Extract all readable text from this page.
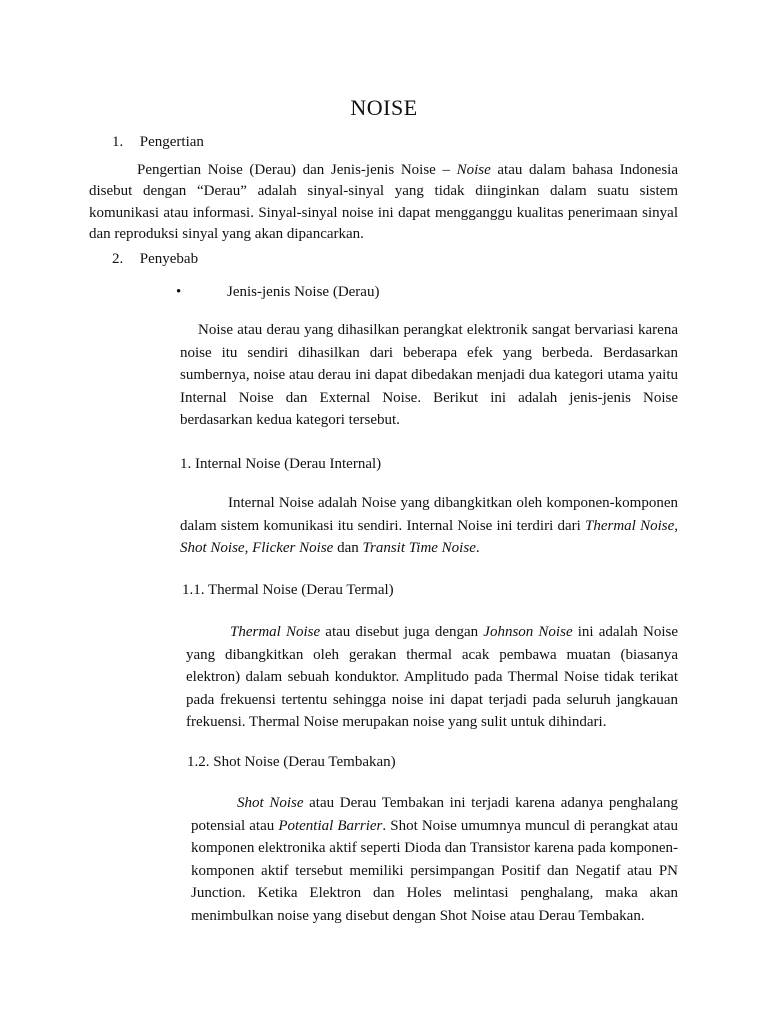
NOISE
1. Pengertian

Pengertian Noise (Derau) dan Jenis-jenis Noise – Noise atau dalam bahasa Indonesia disebut dengan “Derau” adalah sinyal-sinyal yang tidak diinginkan dalam suatu sistem komunikasi atau informasi. Sinyal-sinyal noise ini dapat mengganggu kualitas penerimaan sinyal dan reproduksi sinyal yang akan dipancarkan.

2. Penyebab
•	Jenis-jenis Noise (Derau)

Noise atau derau yang dihasilkan perangkat elektronik sangat bervariasi karena noise itu sendiri dihasilkan dari beberapa efek yang berbeda. Berdasarkan sumbernya, noise atau derau ini dapat dibedakan menjadi dua kategori utama yaitu Internal Noise dan External Noise. Berikut ini adalah jenis-jenis Noise berdasarkan kedua kategori tersebut.

1. Internal Noise (Derau Internal)

Internal Noise adalah Noise yang dibangkitkan oleh komponen-komponen dalam sistem komunikasi itu sendiri. Internal Noise ini terdiri dari Thermal Noise, Shot Noise, Flicker Noise dan Transit Time Noise.

1.1. Thermal Noise (Derau Termal)

Thermal Noise atau disebut juga dengan Johnson Noise ini adalah Noise yang dibangkitkan oleh gerakan thermal acak pembawa muatan (biasanya elektron) dalam sebuah konduktor. Amplitudo pada Thermal Noise tidak terikat pada frekuensi tertentu sehingga noise ini dapat terjadi pada seluruh jangkauan frekuensi. Thermal Noise merupakan noise yang sulit untuk dihindari.

1.2. Shot Noise (Derau Tembakan)

Shot Noise atau Derau Tembakan ini terjadi karena adanya penghalang potensial atau Potential Barrier. Shot Noise umumnya muncul di perangkat atau komponen elektronika aktif seperti Dioda dan Transistor karena pada komponen-komponen aktif tersebut memiliki persimpangan Positif dan Negatif atau PN Junction. Ketika Elektron dan Holes melintasi penghalang, maka akan menimbulkan noise yang disebut dengan Shot Noise atau Derau Tembakan.
